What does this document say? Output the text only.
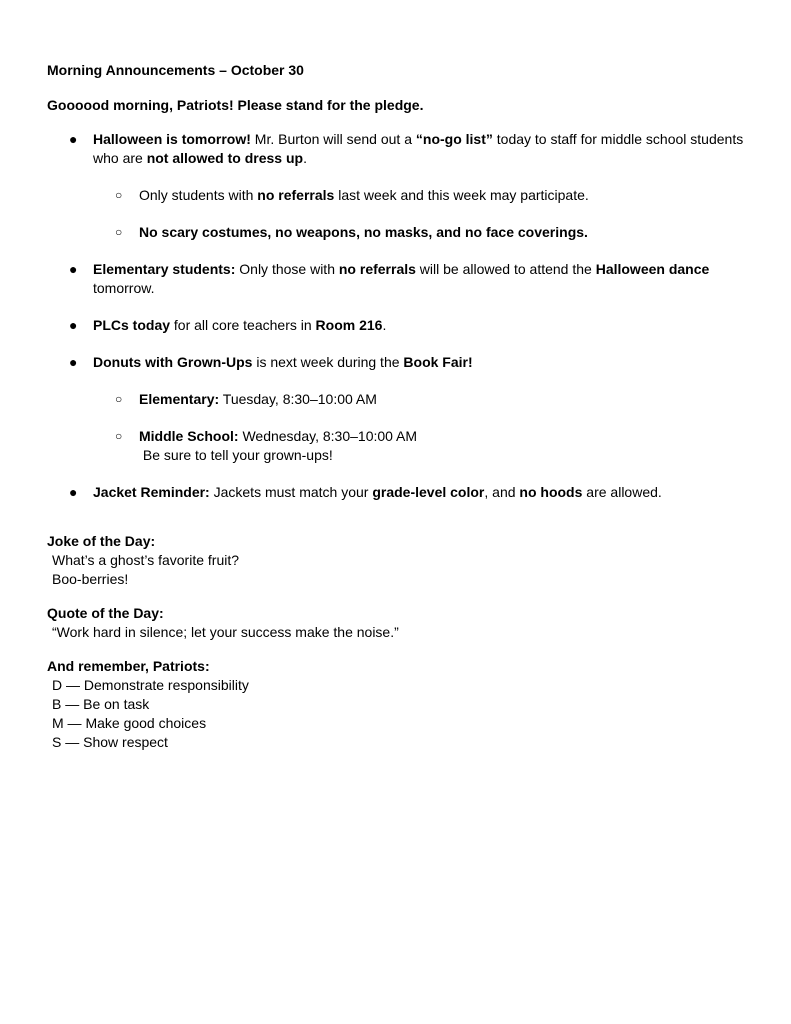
Morning Announcements – October 30

Goooood morning, Patriots! Please stand for the pledge.

● Halloween is tomorrow! Mr. Burton will send out a “no-go list” today to staff for middle school students who are not allowed to dress up.
○ Only students with no referrals last week and this week may participate.
○ No scary costumes, no weapons, no masks, and no face coverings.
● Elementary students: Only those with no referrals will be allowed to attend the Halloween dance tomorrow.
● PLCs today for all core teachers in Room 216.
● Donuts with Grown-Ups is next week during the Book Fair!
○ Elementary: Tuesday, 8:30–10:00 AM
○ Middle School: Wednesday, 8:30–10:00 AM
Be sure to tell your grown-ups!
● Jacket Reminder: Jackets must match your grade-level color, and no hoods are allowed.

Joke of the Day:

What’s a ghost’s favorite fruit?

Boo-berries!

Quote of the Day:

“Work hard in silence; let your success make the noise.”

And remember, Patriots:

D — Demonstrate responsibility

B — Be on task

M — Make good choices

S — Show respect
